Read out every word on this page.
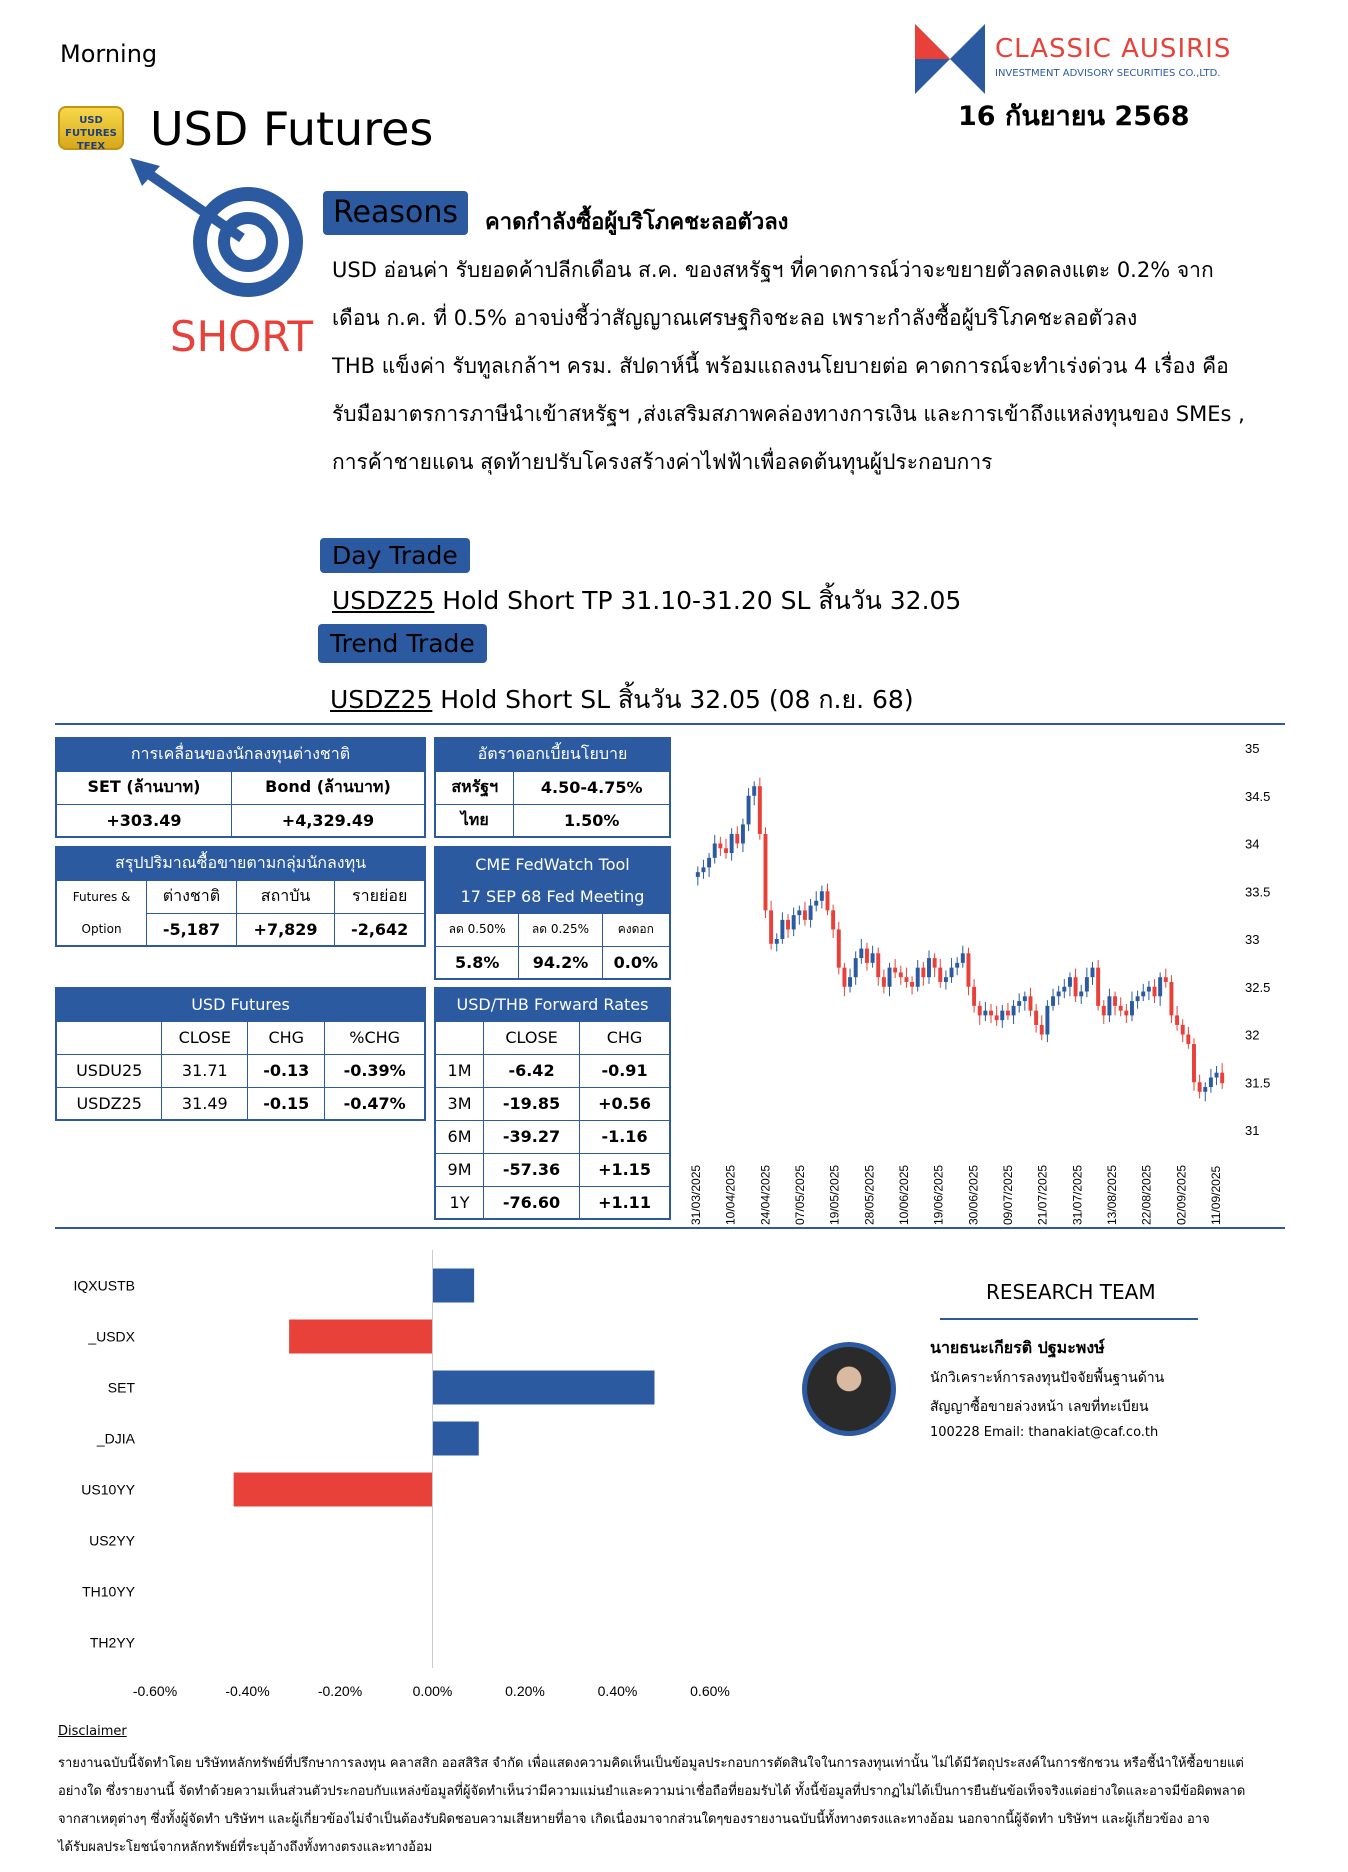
Morning
USD FUTURES TFEX USD Futures
CLASSIC AUSIRIS
INVESTMENT ADVISORY SECURITIES CO.,LTD.
16 กันยายน 2568
SHORT
Reasons	คาดกำลังซื้อผู้บริโภคชะลอตัวลง
USD อ่อนค่า รับยอดค้าปลีกเดือน ส.ค. ของสหรัฐฯ ที่คาดการณ์ว่าจะขยายตัวลดลงแตะ 0.2% จาก
เดือน ก.ค. ที่ 0.5% อาจบ่งชี้ว่าสัญญาณเศรษฐกิจชะลอ เพราะกำลังซื้อผู้บริโภคชะลอตัวลง
THB แข็งค่า รับทูลเกล้าฯ ครม. สัปดาห์นี้ พร้อมแถลงนโยบายต่อ คาดการณ์จะทำเร่งด่วน 4 เรื่อง คือ
รับมือมาตรการภาษีนำเข้าสหรัฐฯ ,ส่งเสริมสภาพคล่องทางการเงิน และการเข้าถึงแหล่งทุนของ SMEs ,
การค้าชายแดน สุดท้ายปรับโครงสร้างค่าไฟฟ้าเพื่อลดต้นทุนผู้ประกอบการ
Day Trade
USDZ25 Hold Short TP 31.10-31.20 SL สิ้นวัน 32.05
Trend Trade
USDZ25 Hold Short SL สิ้นวัน 32.05 (08 ก.ย. 68)
การเคลื่อนของนักลงทุนต่างชาติ	
SET (ล้านบาท)	Bond (ล้านบาท)
+303.49	+4,329.49
สรุปปริมาณซื้อขายตามกลุ่มนักลงทุน			
Futures &	ต่างชาติ	สถาบัน	รายย่อย
Option	-5,187	+7,829	-2,642
USD Futures			
	CLOSE	CHG	%CHG
USDU25	31.71	-0.13	-0.39%
USDZ25	31.49	-0.15	-0.47%
อัตราดอกเบี้ยนโยบาย	
สหรัฐฯ	4.50-4.75%
ไทย	1.50%
CME FedWatch Tool		
17 SEP 68 Fed Meeting		
ลด 0.50%	ลด 0.25%	คงดอก
5.8%	94.2%	0.0%
USD/THB Forward Rates		
	CLOSE	CHG
1M	-6.42	-0.91
3M	-19.85	+0.56
6M	-39.27	-1.16
9M	-57.36	+1.15
1Y	-76.60	+1.11
35
34.5
34
33.5
33
32.5
32
31.5
31
31/03/2025 10/04/2025 24/04/2025 07/05/2025 19/05/2025 28/05/2025 10/06/2025 19/06/2025 30/06/2025 09/07/2025 21/07/2025 31/07/2025 13/08/2025 22/08/2025 02/09/2025 11/09/2025
IQXUSTB
_USDX
SET
_DJIA
US10YY
US2YY
TH10YY
TH2YY
-0.60%	-0.40%	-0.20%	0.00%	0.20%	0.40%	0.60%
RESEARCH TEAM
นายธนะเกียรติ ปฐมะพงษ์
นักวิเคราะห์การลงทุนปัจจัยพื้นฐานด้าน
สัญญาซื้อขายล่วงหน้า เลขที่ทะเบียน
100228 Email: thanakiat@caf.co.th
Disclaimer
รายงานฉบับนี้จัดทำโดย บริษัทหลักทรัพย์ที่ปรึกษาการลงทุน คลาสสิก ออสสิริส จำกัด เพื่อแสดงความคิดเห็นเป็นข้อมูลประกอบการตัดสินใจในการลงทุนเท่านั้น ไม่ได้มีวัตถุประสงค์ในการชักชวน หรือชี้นำให้ซื้อขายแต่
อย่างใด ซึ่งรายงานนี้ จัดทำด้วยความเห็นส่วนตัวประกอบกับแหล่งข้อมูลที่ผู้จัดทำเห็นว่ามีความแม่นยำและความน่าเชื่อถือที่ยอมรับได้ ทั้งนี้ข้อมูลที่ปรากฏไม่ได้เป็นการยืนยันข้อเท็จจริงแต่อย่างใดและอาจมีข้อผิดพลาด
จากสาเหตุต่างๆ ซึ่งทั้งผู้จัดทำ บริษัทฯ และผู้เกี่ยวข้องไม่จำเป็นต้องรับผิดชอบความเสียหายที่อาจ เกิดเนื่องมาจากส่วนใดๆของรายงานฉบับนี้ทั้งทางตรงและทางอ้อม นอกจากนี้ผู้จัดทำ บริษัทฯ และผู้เกี่ยวข้อง อาจ
ได้รับผลประโยชน์จากหลักทรัพย์ที่ระบุอ้างถึงทั้งทางตรงและทางอ้อม
